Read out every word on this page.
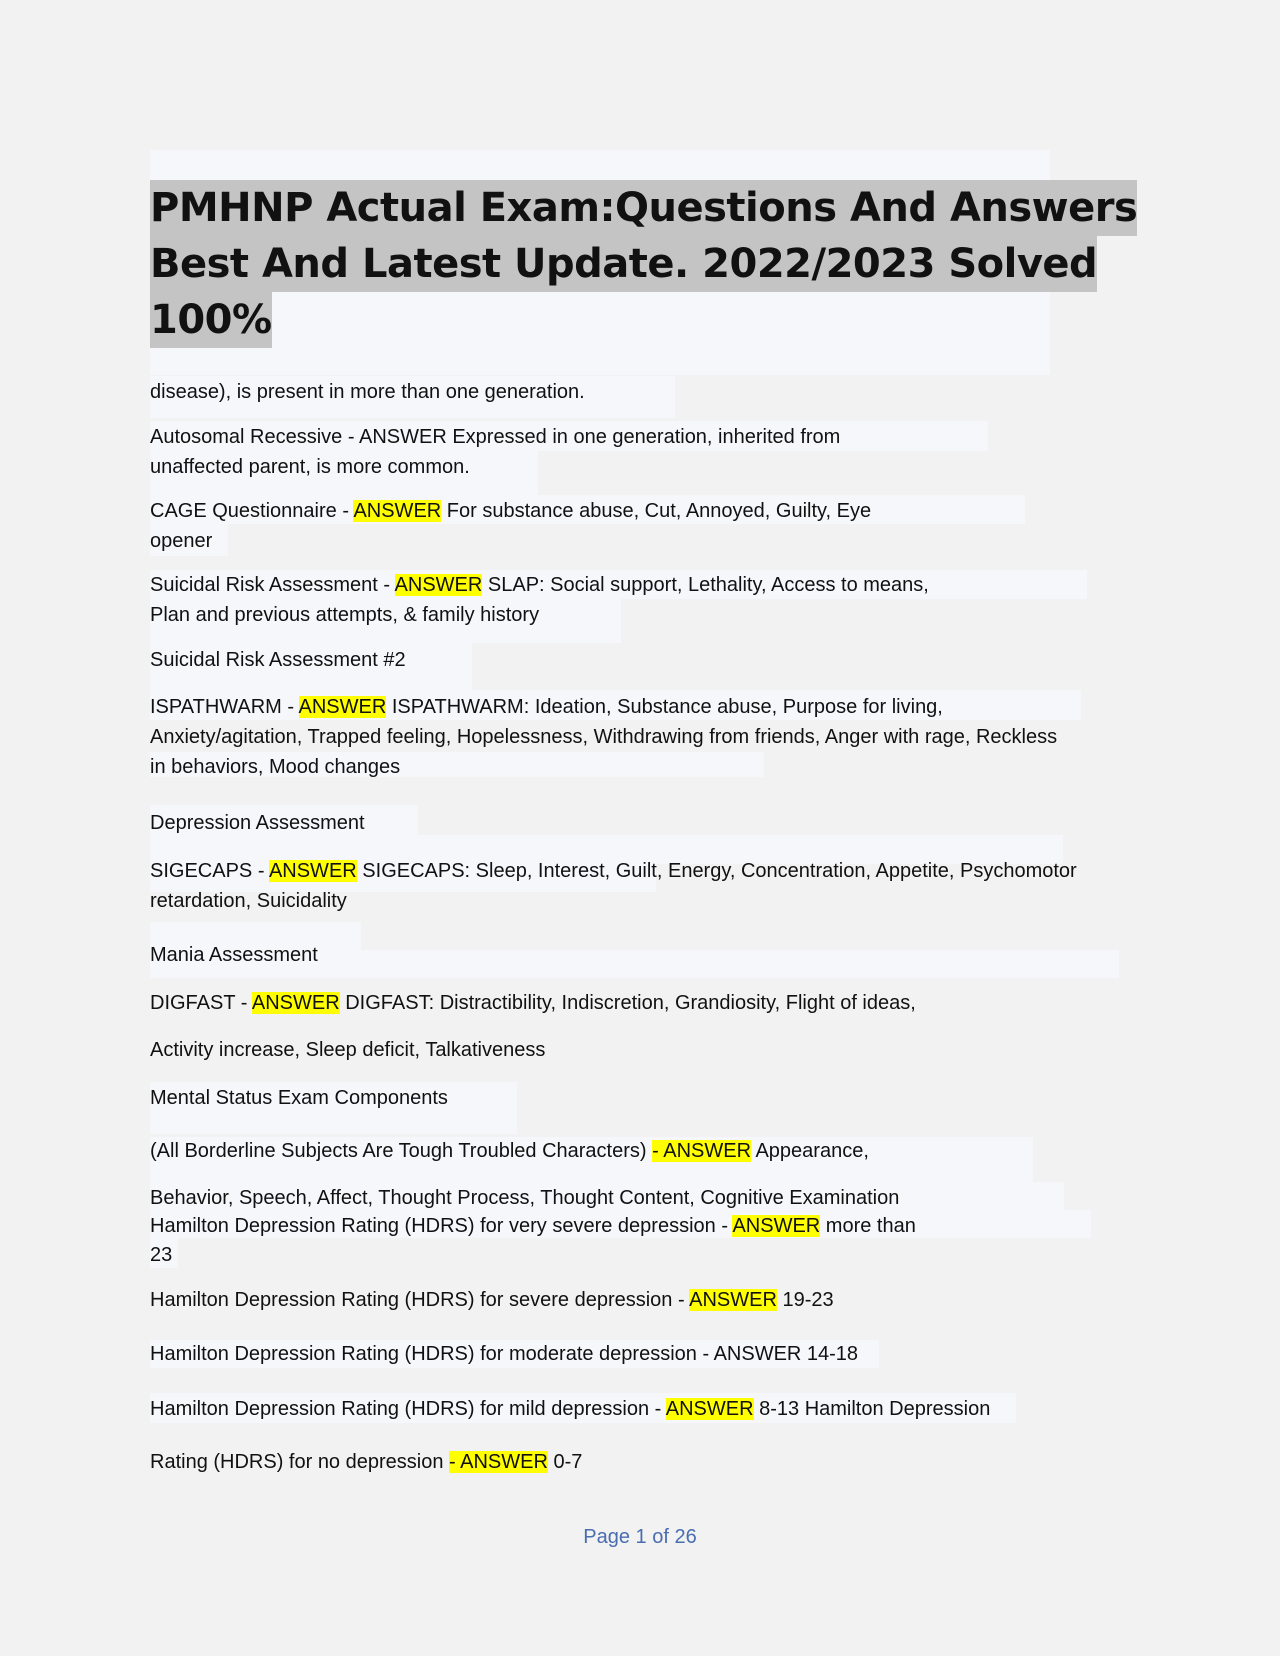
PMHNP Actual Exam:Questions And Answers
Best And Latest Update. 2022/2023 Solved
100%
disease), is present in more than one generation.
Autosomal Recessive - ANSWER Expressed in one generation, inherited from
unaffected parent, is more common.
CAGE Questionnaire - ANSWER For substance abuse, Cut, Annoyed, Guilty, Eye
opener
Suicidal Risk Assessment - ANSWER SLAP: Social support, Lethality, Access to means,
Plan and previous attempts, & family history
Suicidal Risk Assessment #2
ISPATHWARM - ANSWER ISPATHWARM: Ideation, Substance abuse, Purpose for living,
Anxiety/agitation, Trapped feeling, Hopelessness, Withdrawing from friends, Anger with rage, Reckless
in behaviors, Mood changes
Depression Assessment
SIGECAPS - ANSWER SIGECAPS: Sleep, Interest, Guilt, Energy, Concentration, Appetite, Psychomotor
retardation, Suicidality
Mania Assessment
DIGFAST - ANSWER DIGFAST: Distractibility, Indiscretion, Grandiosity, Flight of ideas,
Activity increase, Sleep deficit, Talkativeness
Mental Status Exam Components
(All Borderline Subjects Are Tough Troubled Characters) - ANSWER Appearance,
Behavior, Speech, Affect, Thought Process, Thought Content, Cognitive Examination
Hamilton Depression Rating (HDRS) for very severe depression - ANSWER more than
23
Hamilton Depression Rating (HDRS) for severe depression - ANSWER 19-23
Hamilton Depression Rating (HDRS) for moderate depression - ANSWER 14-18
Hamilton Depression Rating (HDRS) for mild depression - ANSWER 8-13 Hamilton Depression
Rating (HDRS) for no depression - ANSWER 0-7
Page 1 of 26
